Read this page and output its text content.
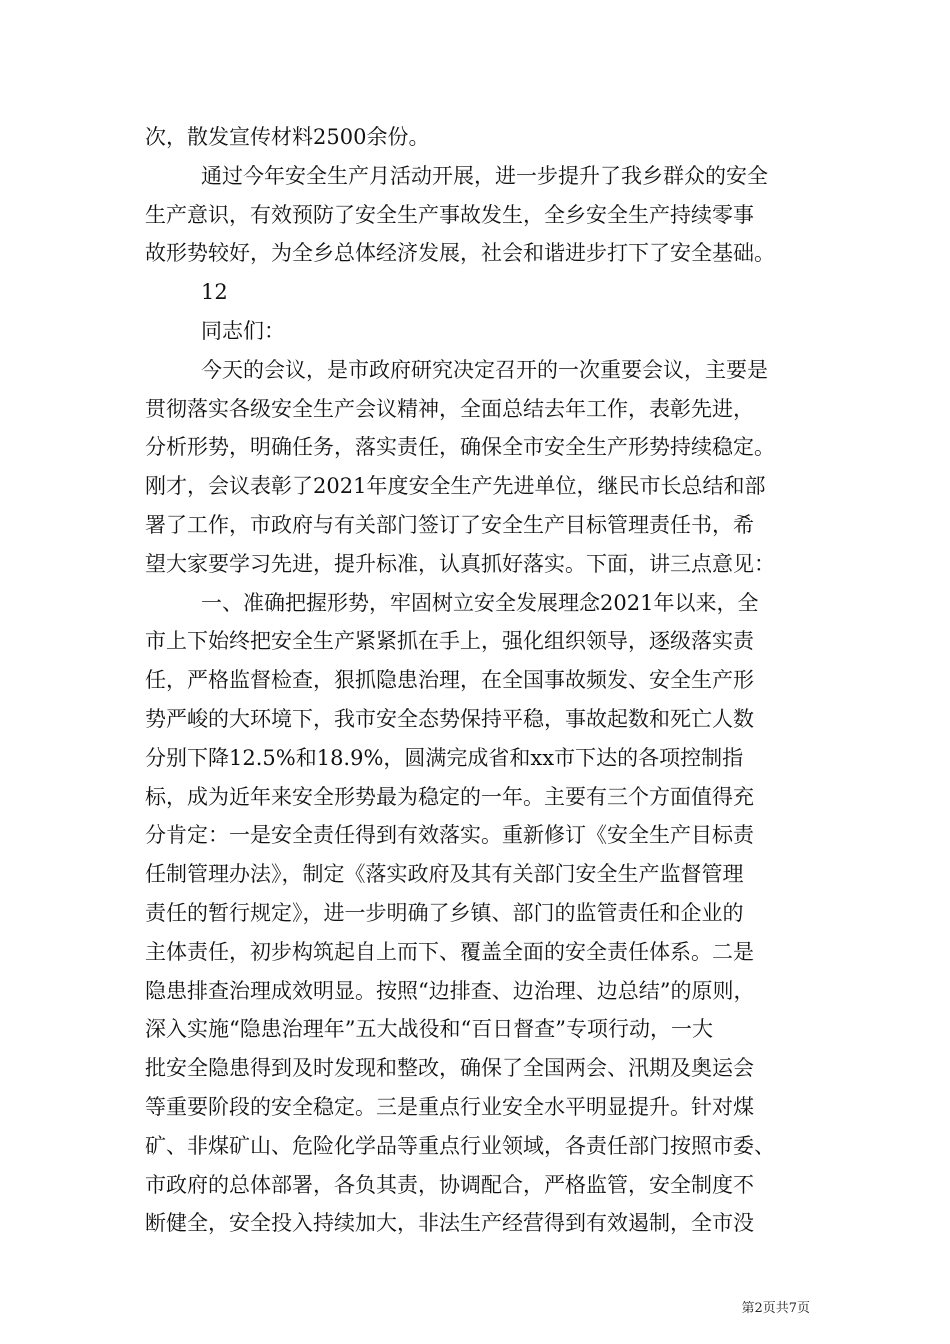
次，散发宣传材料2500余份。
通过今年安全生产月活动开展，进一步提升了我乡群众的安全
生产意识，有效预防了安全生产事故发生，全乡安全生产持续零事
故形势较好，为全乡总体经济发展，社会和谐进步打下了安全基础。
12
同志们：
今天的会议，是市政府研究决定召开的一次重要会议，主要是
贯彻落实各级安全生产会议精神，全面总结去年工作，表彰先进，
分析形势，明确任务，落实责任，确保全市安全生产形势持续稳定。
刚才，会议表彰了2021年度安全生产先进单位，继民市长总结和部
署了工作，市政府与有关部门签订了安全生产目标管理责任书，希
望大家要学习先进，提升标准，认真抓好落实。下面，讲三点意见：
一、准确把握形势，牢固树立安全发展理念2021年以来，全
市上下始终把安全生产紧紧抓在手上，强化组织领导，逐级落实责
任，严格监督检查，狠抓隐患治理，在全国事故频发、安全生产形
势严峻的大环境下，我市安全态势保持平稳，事故起数和死亡人数
分别下降12.5%和18.9%，圆满完成省和xx市下达的各项控制指
标，成为近年来安全形势最为稳定的一年。主要有三个方面值得充
分肯定：一是安全责任得到有效落实。重新修订《安全生产目标责
任制管理办法》，制定《落实政府及其有关部门安全生产监督管理
责任的暂行规定》，进一步明确了乡镇、部门的监管责任和企业的
主体责任，初步构筑起自上而下、覆盖全面的安全责任体系。二是
隐患排查治理成效明显。按照“边排查、边治理、边总结”的原则，
深入实施“隐患治理年”五大战役和“百日督查”专项行动，一大
批安全隐患得到及时发现和整改，确保了全国两会、汛期及奥运会
等重要阶段的安全稳定。三是重点行业安全水平明显提升。针对煤
矿、非煤矿山、危险化学品等重点行业领域，各责任部门按照市委、
市政府的总体部署，各负其责，协调配合，严格监管，安全制度不
断健全，安全投入持续加大，非法生产经营得到有效遏制，全市没
第2页共7页
